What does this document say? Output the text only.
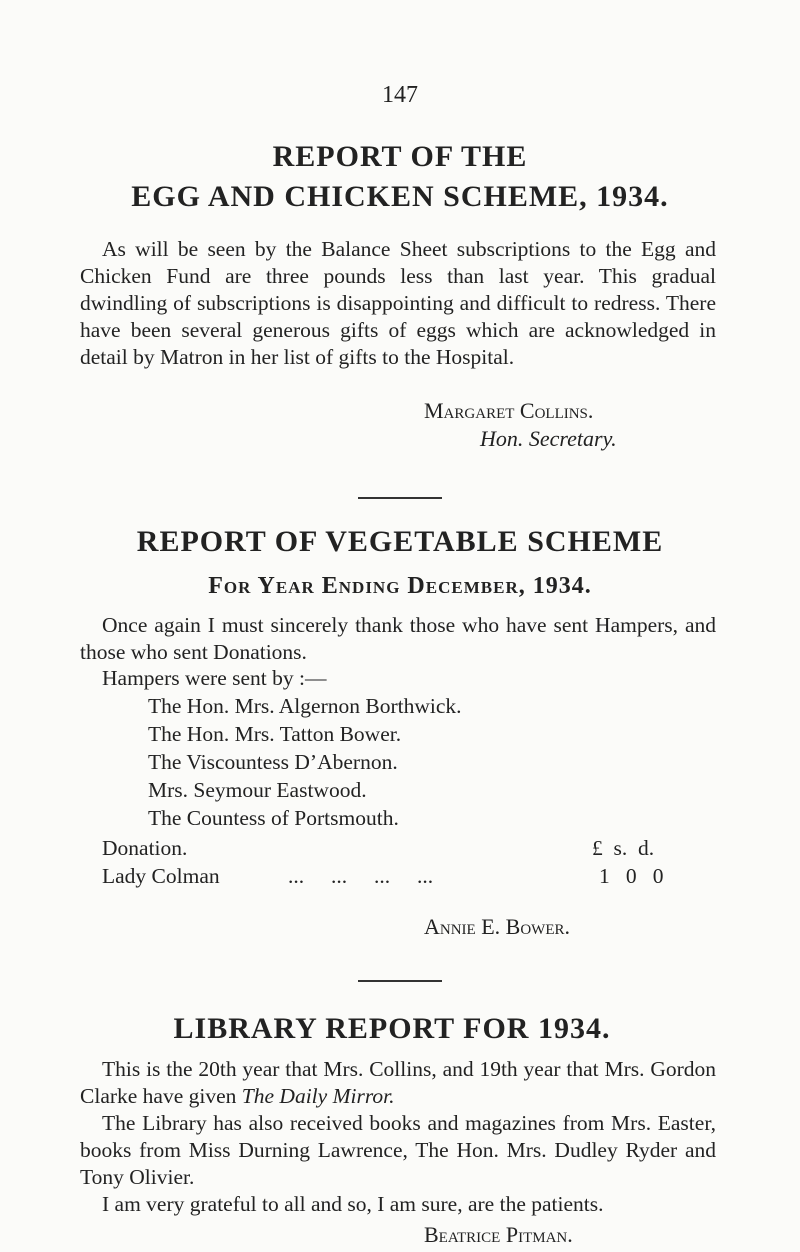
147
REPORT OF THE
EGG AND CHICKEN SCHEME, 1934.
As will be seen by the Balance Sheet subscriptions to the Egg and Chicken Fund are three pounds less than last year. This gradual dwindling of subscriptions is disappointing and difficult to redress. There have been several generous gifts of eggs which are acknowledged in detail by Matron in her list of gifts to the Hospital.
Margaret Collins.
Hon. Secretary.
REPORT OF VEGETABLE SCHEME
For Year Ending December, 1934.
Once again I must sincerely thank those who have sent Hampers, and those who sent Donations.
Hampers were sent by :—
The Hon. Mrs. Algernon Borthwick.
The Hon. Mrs. Tatton Bower.
The Viscountess D’Abernon.
Mrs. Seymour Eastwood.
The Countess of Portsmouth.
Donation.	£  s.  d.
Lady Colman	...     ...     ...     ...	1   0   0
Annie E. Bower.
LIBRARY REPORT FOR 1934.
This is the 20th year that Mrs. Collins, and 19th year that Mrs. Gordon Clarke have given The Daily Mirror.
The Library has also received books and magazines from Mrs. Easter, books from Miss Durning Lawrence, The Hon. Mrs. Dudley Ryder and Tony Olivier.
I am very grateful to all and so, I am sure, are the patients.
Beatrice Pitman.
